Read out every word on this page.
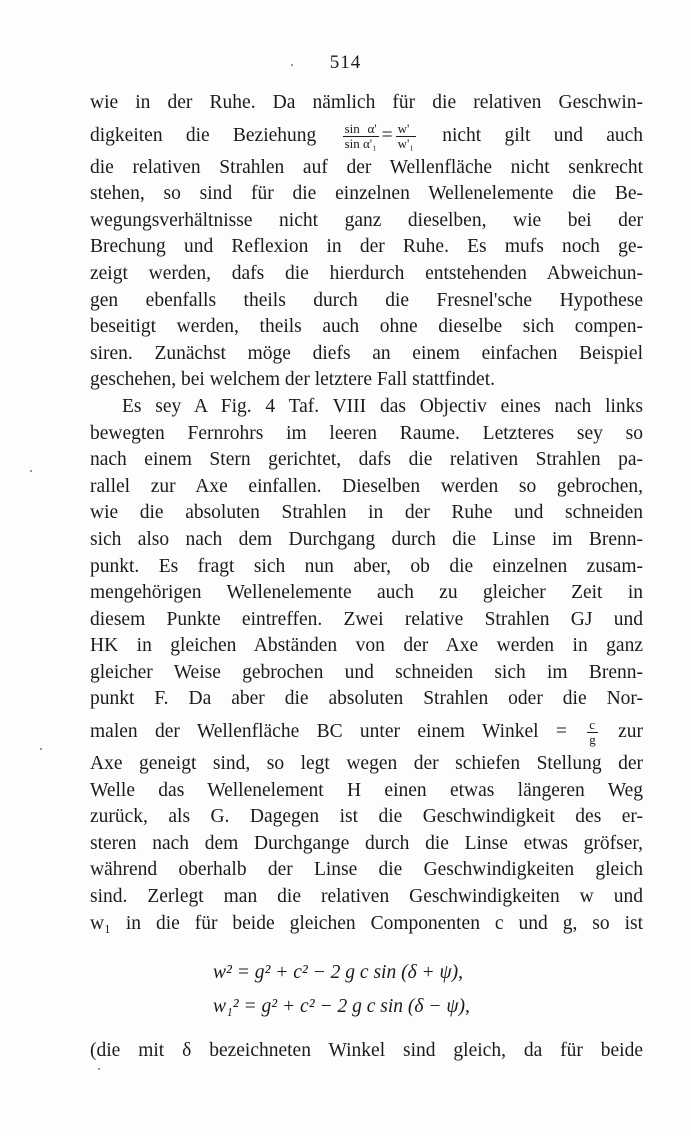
514
wie in der Ruhe. Da nämlich für die relativen Geschwin-
digkeiten die Beziehung $\frac{\text{sin α'}}{\text{sin α'₁}} = \frac{w'}{\text{w'₁}}$ nicht gilt und auch
die relativen Strahlen auf der Wellenfläche nicht senkrecht
stehen, so sind für die einzelnen Wellenelemente die Be-
wegungsverhältnisse nicht ganz dieselben, wie bei der
Brechung und Reflexion in der Ruhe. Es mufs noch ge-
zeigt werden, dafs die hierdurch entstehenden Abweichun-
gen ebenfalls theils durch die Fresnel'sche Hypothese
beseitigt werden, theils auch ohne dieselbe sich compen-
siren. Zunächst möge diefs an einem einfachen Beispiel
geschehen, bei welchem der letztere Fall stattfindet.
Es sey A Fig. 4 Taf. VIII das Objectiv eines nach links
bewegten Fernrohrs im leeren Raume. Letzteres sey so
nach einem Stern gerichtet, dafs die relativen Strahlen pa-
rallel zur Axe einfallen. Dieselben werden so gebrochen,
wie die absoluten Strahlen in der Ruhe und schneiden
sich also nach dem Durchgang durch die Linse im Brenn-
punkt. Es fragt sich nun aber, ob die einzelnen zusam-
mengehörigen Wellenelemente auch zu gleicher Zeit in
diesem Punkte eintreffen. Zwei relative Strahlen GJ und
HK in gleichen Abständen von der Axe werden in ganz
gleicher Weise gebrochen und schneiden sich im Brenn-
punkt F. Da aber die absoluten Strahlen oder die Nor-
malen der Wellenfläche BC unter einem Winkel = $\frac{c}{g}$ zur
Axe geneigt sind, so legt wegen der schiefen Stellung der
Welle das Wellenelement H einen etwas längeren Weg
zurück, als G. Dagegen ist die Geschwindigkeit des er-
steren nach dem Durchgange durch die Linse etwas gröfser,
während oberhalb der Linse die Geschwindigkeiten gleich
sind. Zerlegt man die relativen Geschwindigkeiten w und
w₁ in die für beide gleichen Componenten c und g, so ist
w² = g² + c² − 2 g c sin (δ + ψ),
w₁² = g² + c² − 2 g c sin (δ − ψ),
(die mit δ bezeichneten Winkel sind gleich, da für beide
